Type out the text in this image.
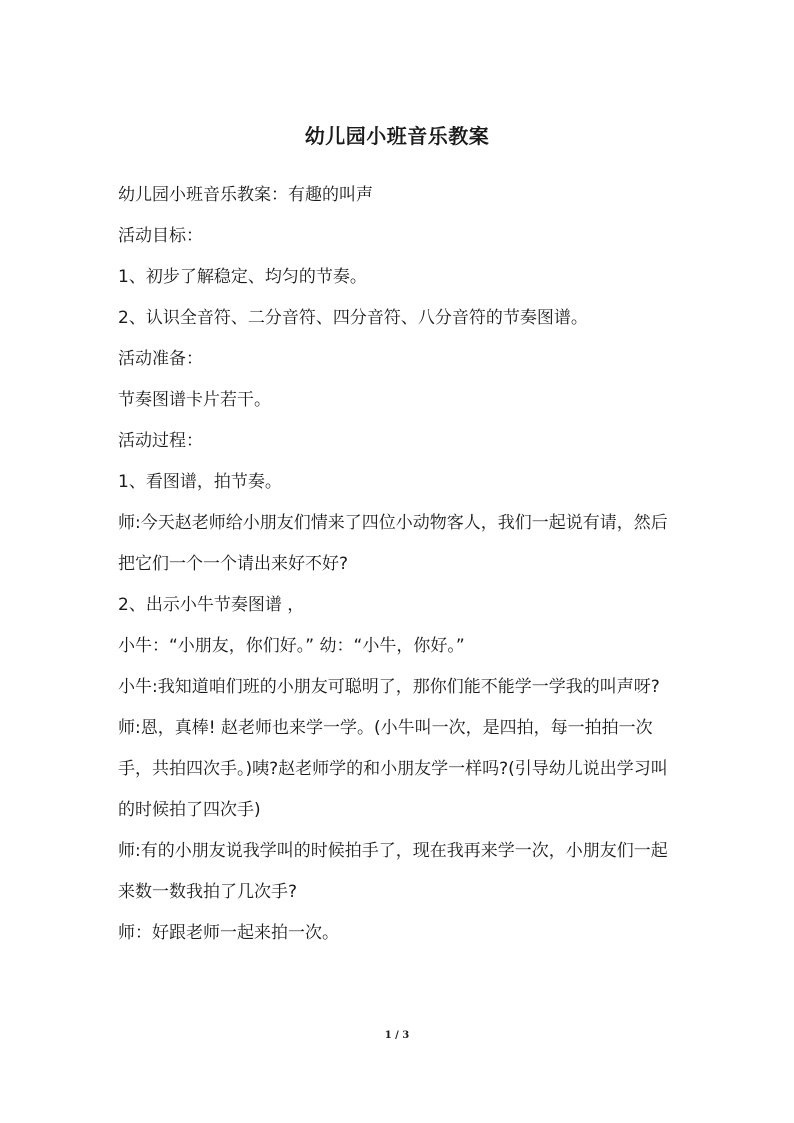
幼儿园小班音乐教案

幼儿园小班音乐教案：有趣的叫声

活动目标：

1、初步了解稳定、均匀的节奏。

2、认识全音符、二分音符、四分音符、八分音符的节奏图谱。

活动准备：

节奏图谱卡片若干。

活动过程：

1、看图谱，拍节奏。

师:今天赵老师给小朋友们情来了四位小动物客人，我们一起说有请，然后把它们一个一个请出来好不好?

2、出示小牛节奏图谱 ，

小牛：“小朋友，你们好。” 幼：“小牛，你好。”

小牛:我知道咱们班的小朋友可聪明了，那你们能不能学一学我的叫声呀?

师:恩，真棒! 赵老师也来学一学。(小牛叫一次，是四拍，每一拍拍一次手，共拍四次手。)咦?赵老师学的和小朋友学一样吗?(引导幼儿说出学习叫的时候拍了四次手)

师:有的小朋友说我学叫的时候拍手了，现在我再来学一次，小朋友们一起来数一数我拍了几次手?

师：好跟老师一起来拍一次。

1 / 3
